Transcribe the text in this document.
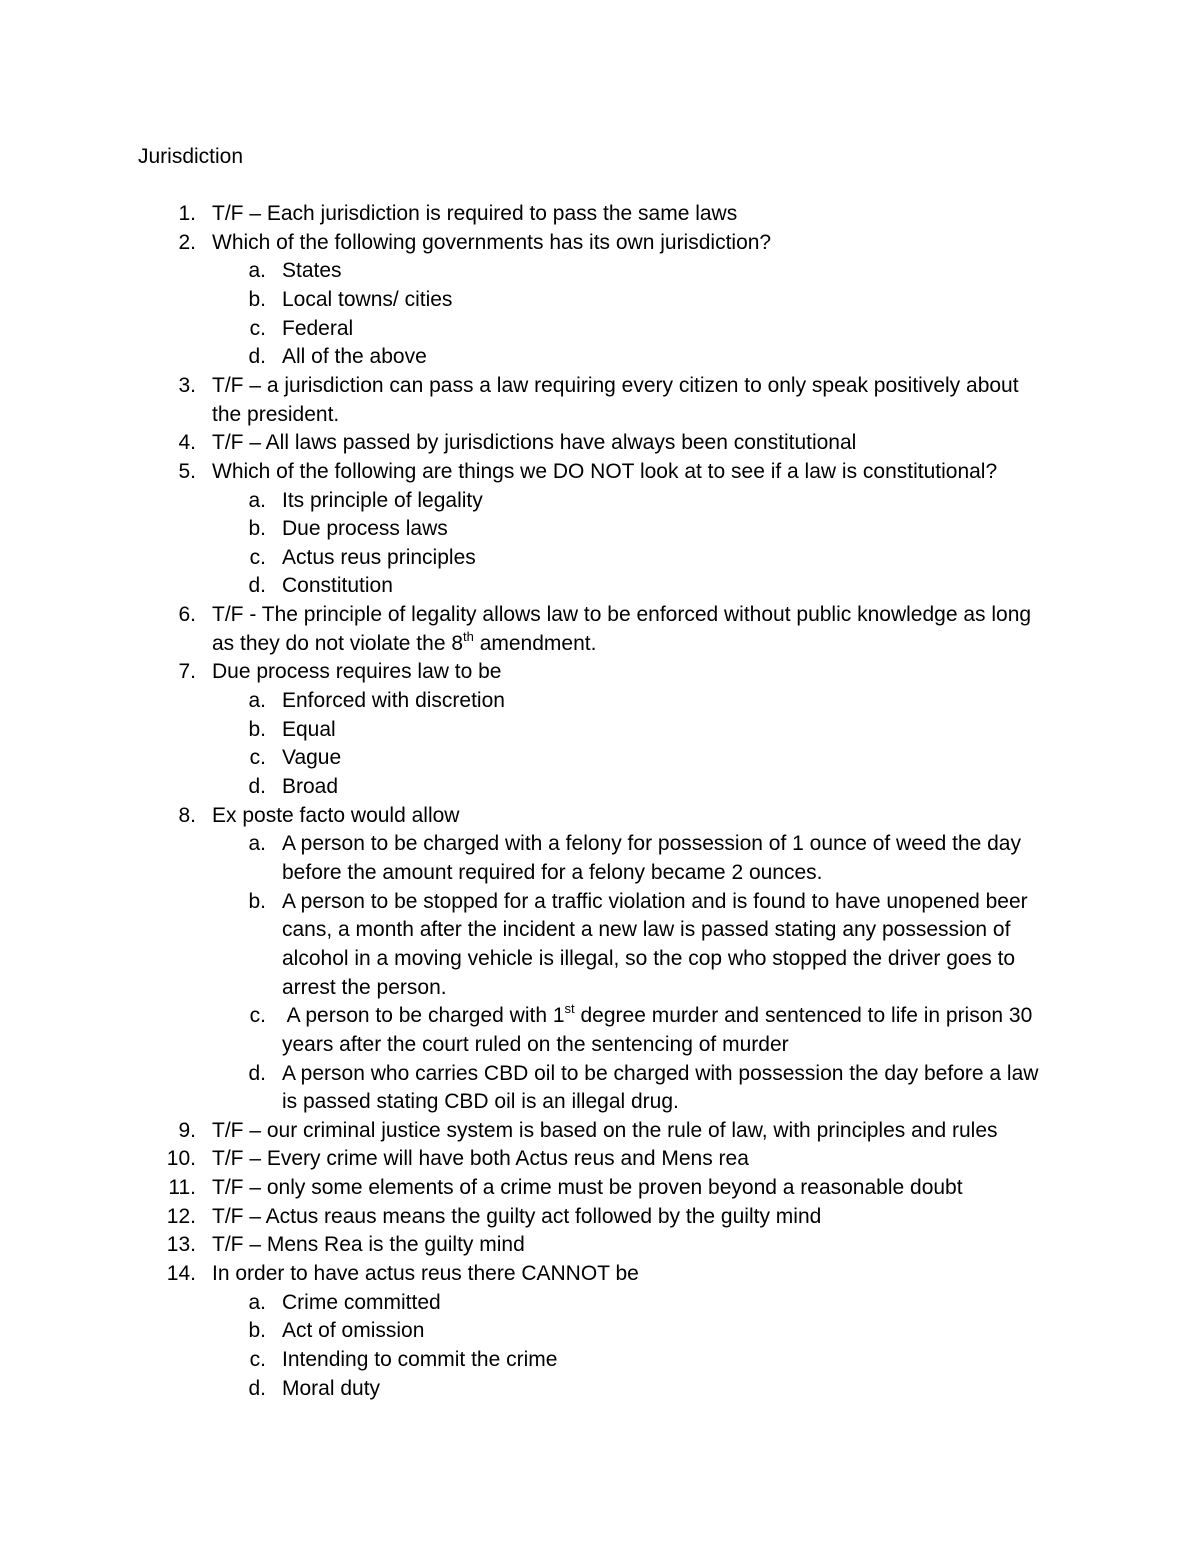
Jurisdiction
1. T/F – Each jurisdiction is required to pass the same laws
2. Which of the following governments has its own jurisdiction?
a. States
b. Local towns/ cities
c. Federal
d. All of the above
3. T/F – a jurisdiction can pass a law requiring every citizen to only speak positively about
the president.
4. T/F – All laws passed by jurisdictions have always been constitutional
5. Which of the following are things we DO NOT look at to see if a law is constitutional?
a. Its principle of legality
b. Due process laws
c. Actus reus principles
d. Constitution
6. T/F - The principle of legality allows law to be enforced without public knowledge as long
as they do not violate the 8th amendment.
7. Due process requires law to be
a. Enforced with discretion
b. Equal
c. Vague
d. Broad
8. Ex poste facto would allow
a. A person to be charged with a felony for possession of 1 ounce of weed the day
before the amount required for a felony became 2 ounces.
b. A person to be stopped for a traffic violation and is found to have unopened beer
cans, a month after the incident a new law is passed stating any possession of
alcohol in a moving vehicle is illegal, so the cop who stopped the driver goes to
arrest the person.
c. A person to be charged with 1st degree murder and sentenced to life in prison 30
years after the court ruled on the sentencing of murder
d. A person who carries CBD oil to be charged with possession the day before a law
is passed stating CBD oil is an illegal drug.
9. T/F – our criminal justice system is based on the rule of law, with principles and rules
10. T/F – Every crime will have both Actus reus and Mens rea
11. T/F – only some elements of a crime must be proven beyond a reasonable doubt
12. T/F – Actus reaus means the guilty act followed by the guilty mind
13. T/F – Mens Rea is the guilty mind
14. In order to have actus reus there CANNOT be
a. Crime committed
b. Act of omission
c. Intending to commit the crime
d. Moral duty
